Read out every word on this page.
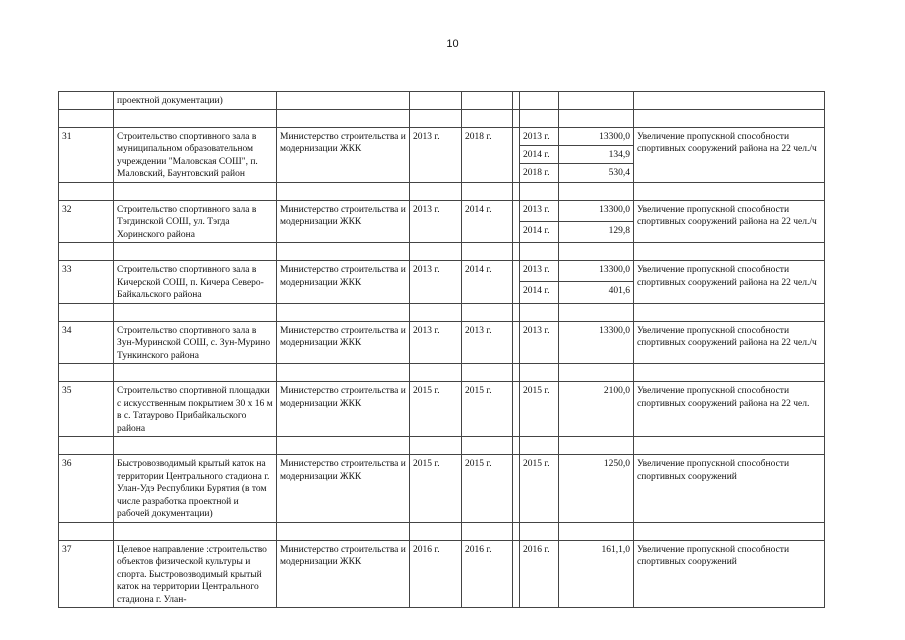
10
	проектной документации)							

31	Строительство спортивного зала в муниципальном образовательном учреждении "Маловская СОШ", п. Маловский, Баунтовский район	Министерство строительства и модернизации ЖКК	2013 г.	2018 г.		2013 г.	13300,0	Увеличение пропускной способности спортивных сооружений района на 22 чел./ч
						2014 г.	134,9	
						2018 г.	530,4	

32	Строительство спортивного зала в Тэгдинской СОШ, ул. Тэгда Хоринского района	Министерство строительства и модернизации ЖКК	2013 г.	2014 г.		2013 г.	13300,0	Увеличение пропускной способности спортивных сооружений района на 22 чел./ч
						2014 г.	129,8	

33	Строительство спортивного зала в Кичерской СОШ, п. Кичера Северо-Байкальского района	Министерство строительства и модернизации ЖКК	2013 г.	2014 г.		2013 г.	13300,0	Увеличение пропускной способности спортивных сооружений района на 22 чел./ч
						2014 г.	401,6	

34	Строительство спортивного зала в Зун-Муринской СОШ, с. Зун-Мурино Тункинского района	Министерство строительства и модернизации ЖКК	2013 г.	2013 г.		2013 г.	13300,0	Увеличение пропускной способности спортивных сооружений района на 22 чел./ч

35	Строительство спортивной площадки с искусственным покрытием 30 х 16 м в с. Татаурово Прибайкальского района	Министерство строительства и модернизации ЖКК	2015 г.	2015 г.		2015 г.	2100,0	Увеличение пропускной способности спортивных сооружений района на 22 чел.

36	Быстровозводимый крытый каток на территории Центрального стадиона г. Улан-Удэ Республики Бурятия (в том числе разработка проектной и рабочей документации)	Министерство строительства и модернизации ЖКК	2015 г.	2015 г.		2015 г.	1250,0	Увеличение пропускной способности спортивных сооружений

37	Целевое направление :строительство объектов физической культуры и спорта. Быстровозводимый крытый каток на территории Центрального стадиона г. Улан-	Министерство строительства и модернизации ЖКК	2016 г.	2016 г.		2016 г.	161,1,0	Увеличение пропускной способности спортивных сооружений
